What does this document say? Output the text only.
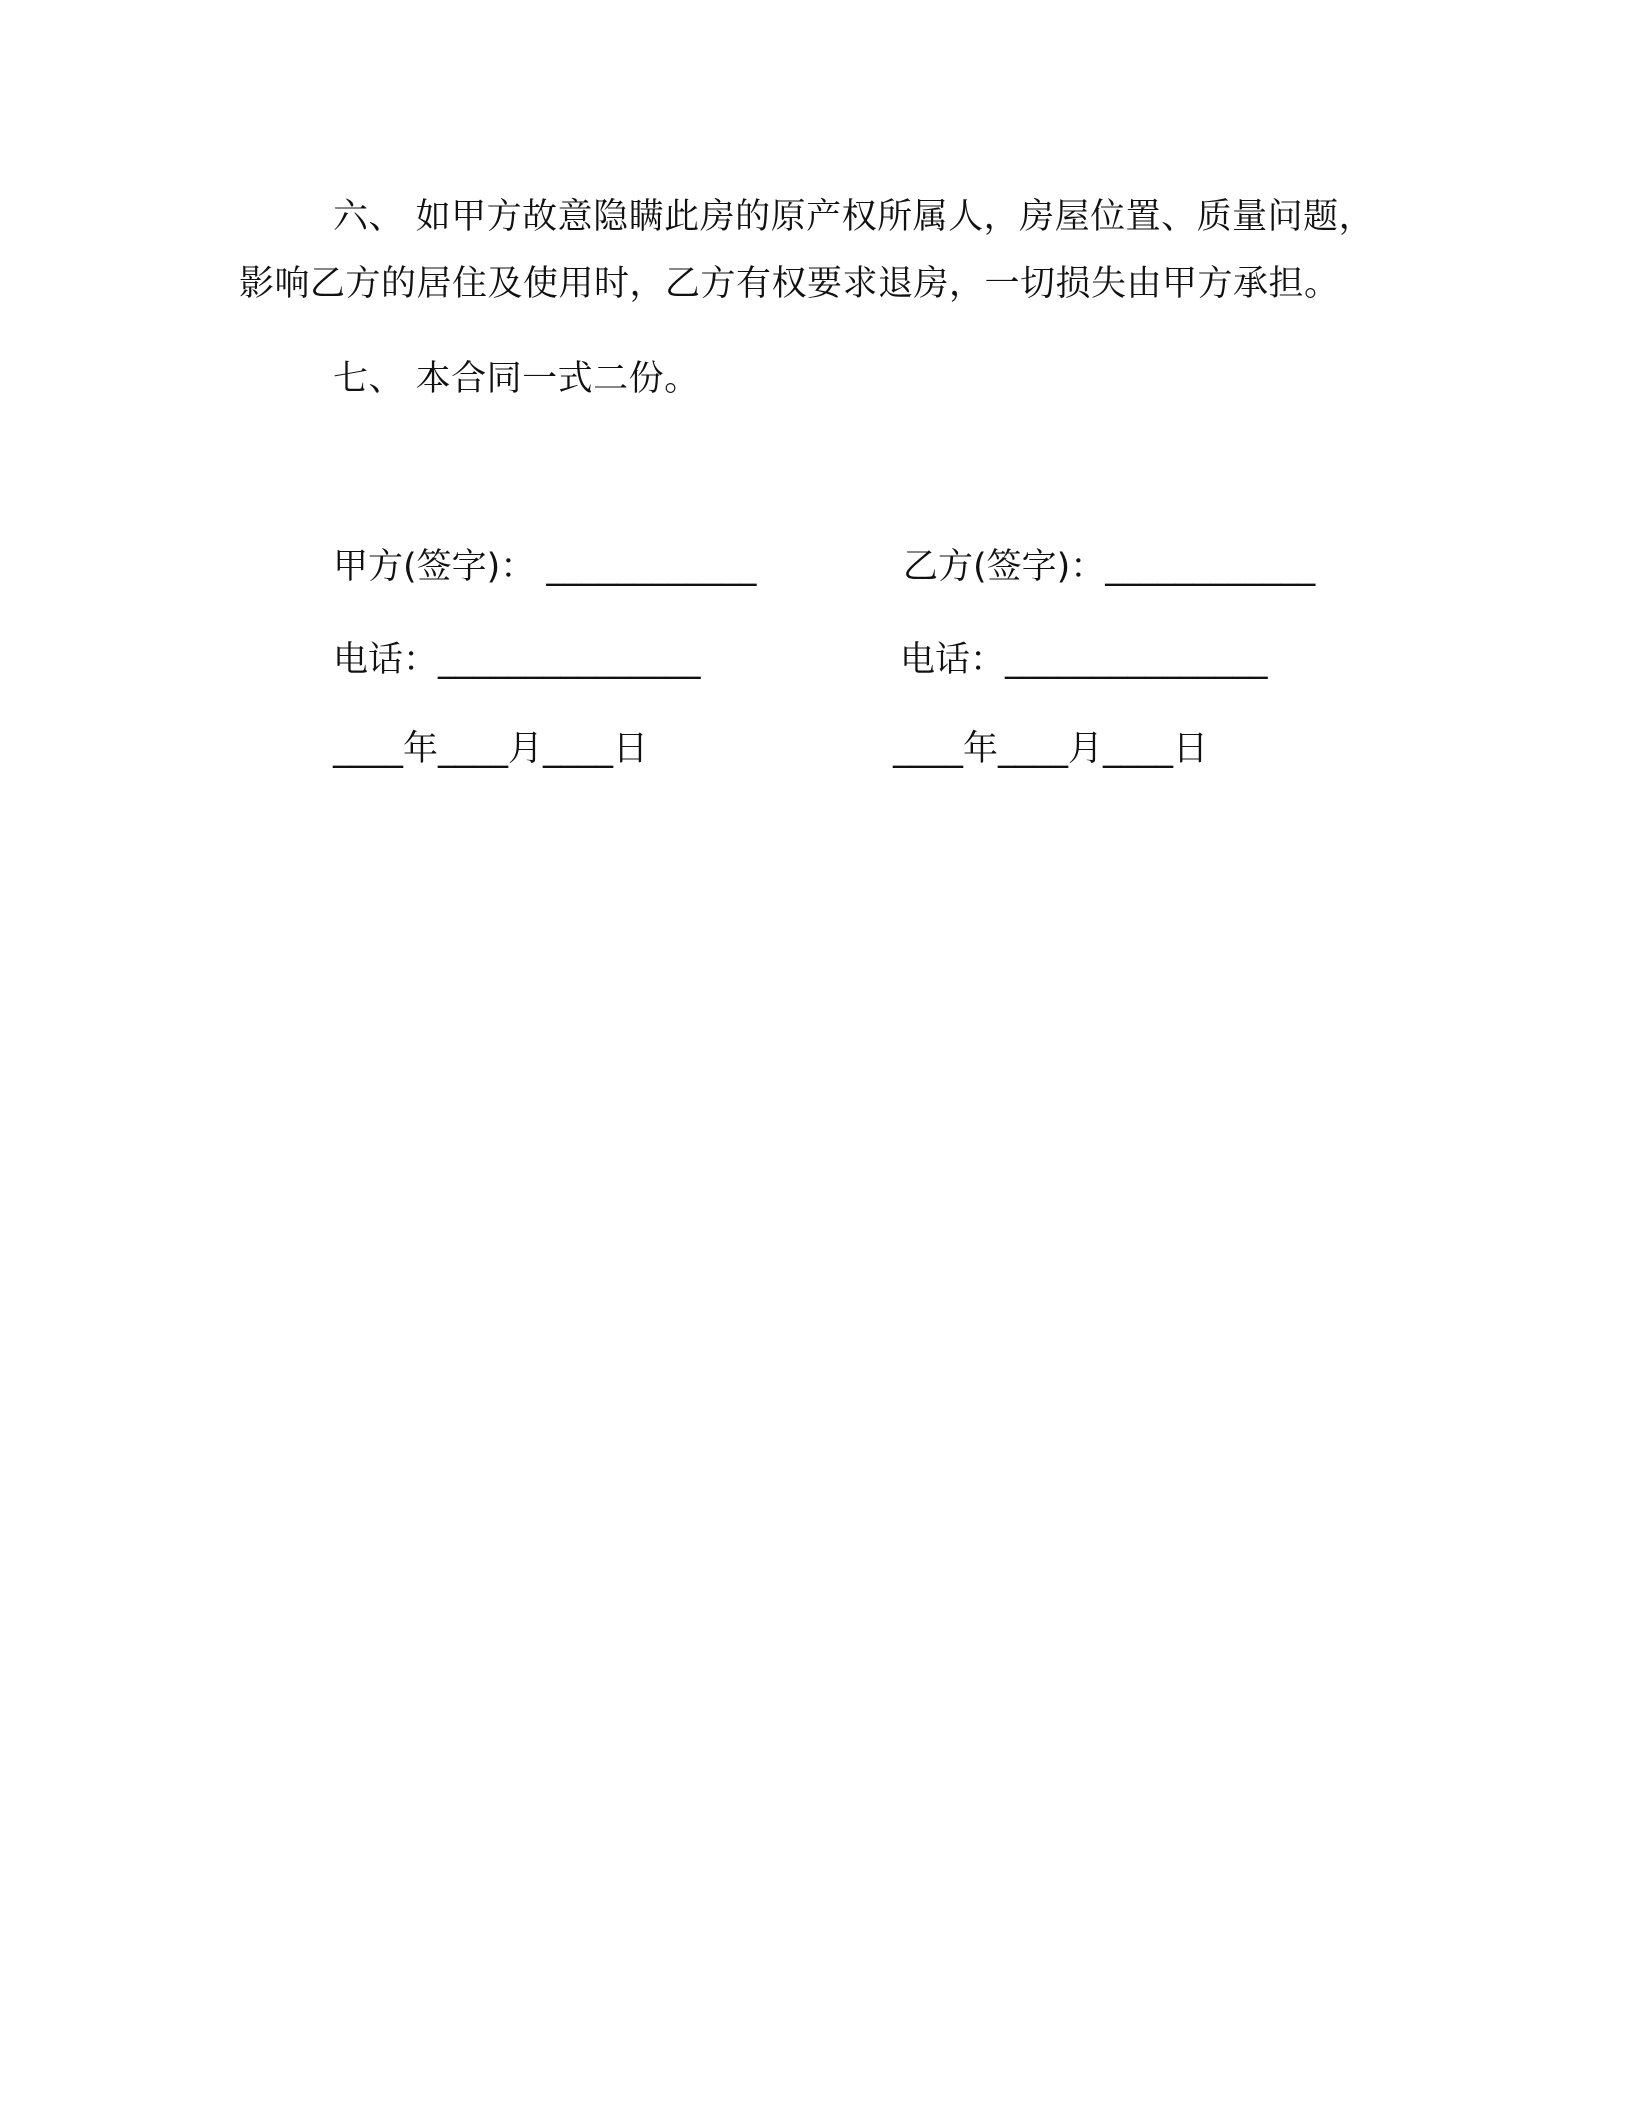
六、 如甲方故意隐瞒此房的原产权所属人，房屋位置、质量问题，
影响乙方的居住及使用时，乙方有权要求退房，一切损失由甲方承担。
七、 本合同一式二份。
甲方(签字)： ____________	乙方(签字)：____________
电话：_______________	电话：_______________
____年____月____日	____年____月____日
